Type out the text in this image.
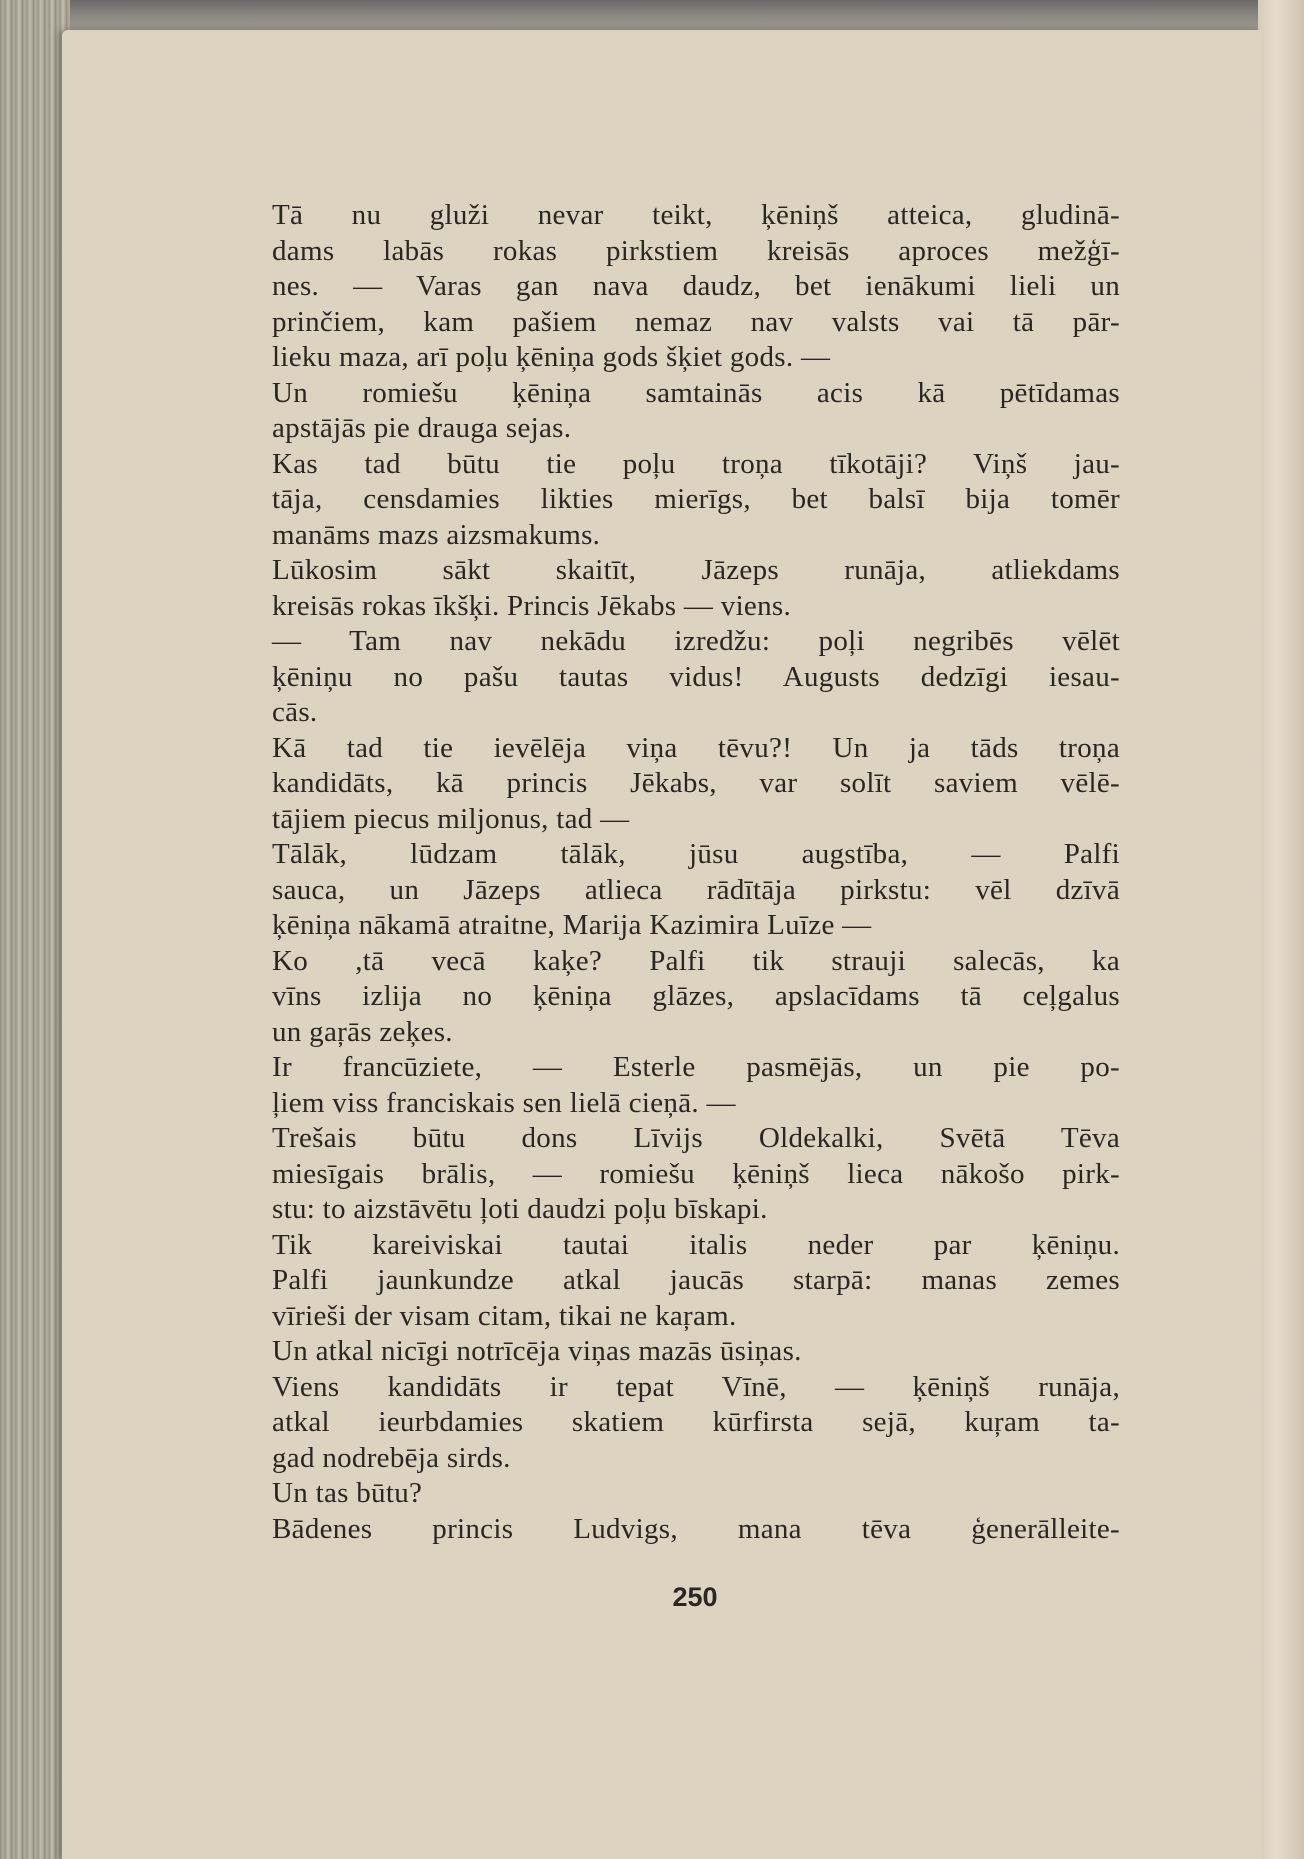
Tā nu gluži nevar teikt, ķēniņš atteica, gludinā-
dams labās rokas pirkstiem kreisās aproces mežģī-
nes. — Varas gan nava daudz, bet ienākumi lieli un
prinčiem, kam pašiem nemaz nav valsts vai tā pār-
lieku maza, arī poļu ķēniņa gods šķiet gods. —
Un romiešu ķēniņa samtainās acis kā pētīdamas
apstājās pie drauga sejas.
Kas tad būtu tie poļu troņa tīkotāji? Viņš jau-
tāja, censdamies likties mierīgs, bet balsī bija tomēr
manāms mazs aizsmakums.
Lūkosim sākt skaitīt, Jāzeps runāja, atliekdams
kreisās rokas īkšķi. Princis Jēkabs — viens.
— Tam nav nekādu izredžu: poļi negribēs vēlēt
ķēniņu no pašu tautas vidus! Augusts dedzīgi iesau-
cās.
Kā tad tie ievēlēja viņa tēvu?! Un ja tāds troņa
kandidāts, kā princis Jēkabs, var solīt saviem vēlē-
tājiem piecus miljonus, tad —
Tālāk, lūdzam tālāk, jūsu augstība, — Palfi
sauca, un Jāzeps atlieca rādītāja pirkstu: vēl dzīvā
ķēniņa nākamā atraitne, Marija Kazimira Luīze —
Ko ,tā vecā kaķe? Palfi tik strauji salecās, ka
vīns izlija no ķēniņa glāzes, apslacīdams tā ceļgalus
un gaŗās zeķes.
Ir francūziete, — Esterle pasmējās, un pie po-
ļiem viss franciskais sen lielā cieņā. —
Trešais būtu dons Līvijs Oldekalki, Svētā Tēva
miesīgais brālis, — romiešu ķēniņš lieca nākošo pirk-
stu: to aizstāvētu ļoti daudzi poļu bīskapi.
Tik kareiviskai tautai italis neder par ķēniņu.
Palfi jaunkundze atkal jaucās starpā: manas zemes
vīrieši der visam citam, tikai ne kaŗam.
Un atkal nicīgi notrīcēja viņas mazās ūsiņas.
Viens kandidāts ir tepat Vīnē, — ķēniņš runāja,
atkal ieurbdamies skatiem kūrfirsta sejā, kuŗam ta-
gad nodrebēja sirds.
Un tas būtu?
Bādenes princis Ludvigs, mana tēva ģenerālleite-
250
